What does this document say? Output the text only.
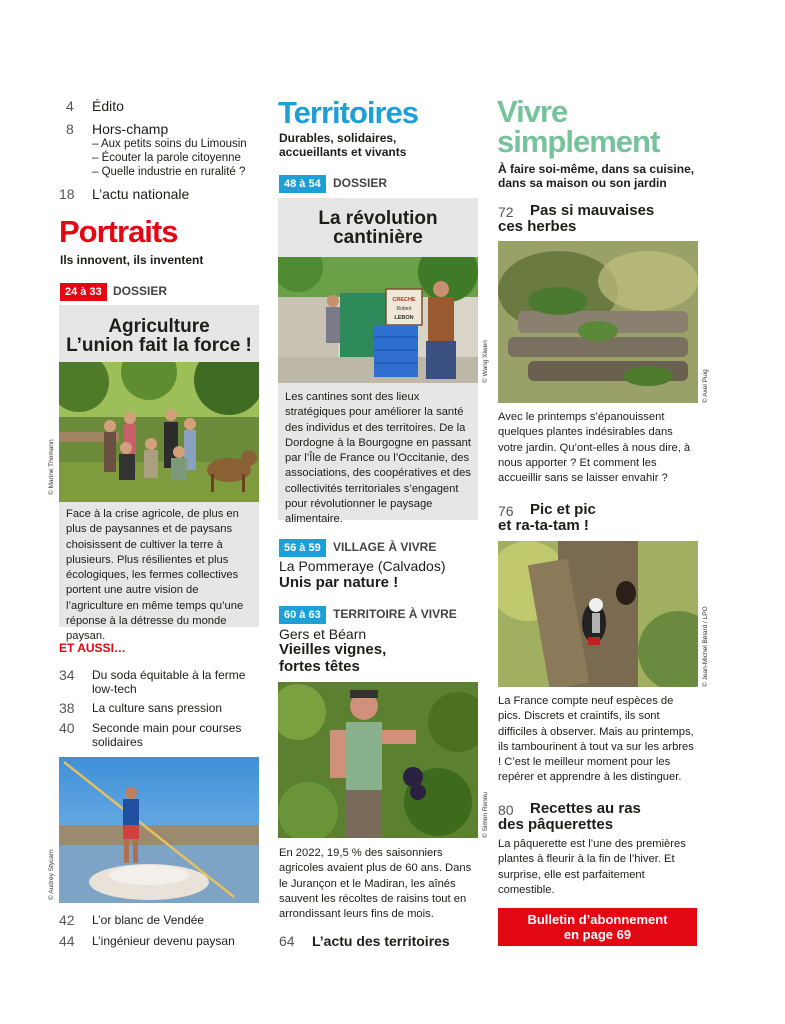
4 Édito
8 Hors-champ
– Aux petits soins du Limousin
– Écouter la parole citoyenne
– Quelle industrie en ruralité ?
18 L’actu nationale
Portraits
Ils innovent, ils inventent
24 à 33 DOSSIER
Agriculture
L’union fait la force !
© Marine Thomann
Face à la crise agricole, de plus en plus de paysannes et de paysans choisissent de cultiver la terre à plusieurs. Plus résilientes et plus écologiques, les fermes collectives portent une autre vision de l’agriculture en même temps qu’une réponse à la détresse du monde paysan.
ET AUSSI…
34 Du soda équitable à la ferme low-tech
38 La culture sans pression
40 Seconde main pour courses solidaires
© Audrey Stycarn
42 L’or blanc de Vendée
44 L’ingénieur devenu paysan
Territoires
Durables, solidaires, accueillants et vivants
48 à 54	DOSSIER
La révolution
cantinière
CRECHE
Robert
LEBON
© Wang Xiwen
Les cantines sont des lieux stratégiques pour améliorer la santé des individus et des territoires. De la Dordogne à la Bourgogne en passant par l’Île de France ou l’Occitanie, des associations, des coopératives et des collectivités territoriales s’engagent pour révolutionner le paysage alimentaire.
56 à 59	VILLAGE À VIVRE
La Pommeraye (Calvados)
Unis par nature !
60 à 63	TERRITOIRE À VIVRE
Gers et Béarn
Vieilles vignes,
fortes têtes
© Simon Renou
En 2022, 19,5 % des saisonniers agricoles avaient plus de 60 ans. Dans le Jurançon et le Madiran, les aînés sauvent les récoltes de raisins tout en arrondissant leurs fins de mois.
64 L’actu des territoires
Vivre
simplement
À faire soi-même, dans sa cuisine, dans sa maison ou son jardin
72 Pas si mauvaises
ces herbes
© Axel Puig
Avec le printemps s’épanouissent quelques plantes indésirables dans votre jardin. Qu’ont-elles à nous dire, à nous apporter ? Et comment les accueillir sans se laisser envahir ?
76 Pic et pic
et ra-ta-tam !
© Jean-Michel Bélard / LPO
La France compte neuf espèces de pics. Discrets et craintifs, ils sont difficiles à observer. Mais au printemps, ils tambourinent à tout va sur les arbres ! C’est le meilleur moment pour les repérer et apprendre à les distinguer.
80 Recettes au ras
des pâquerettes
La pâquerette est l’une des premières plantes à fleurir à la fin de l’hiver. Et surprise, elle est parfaitement comestible.
Bulletin d’abonnement
en page 69
